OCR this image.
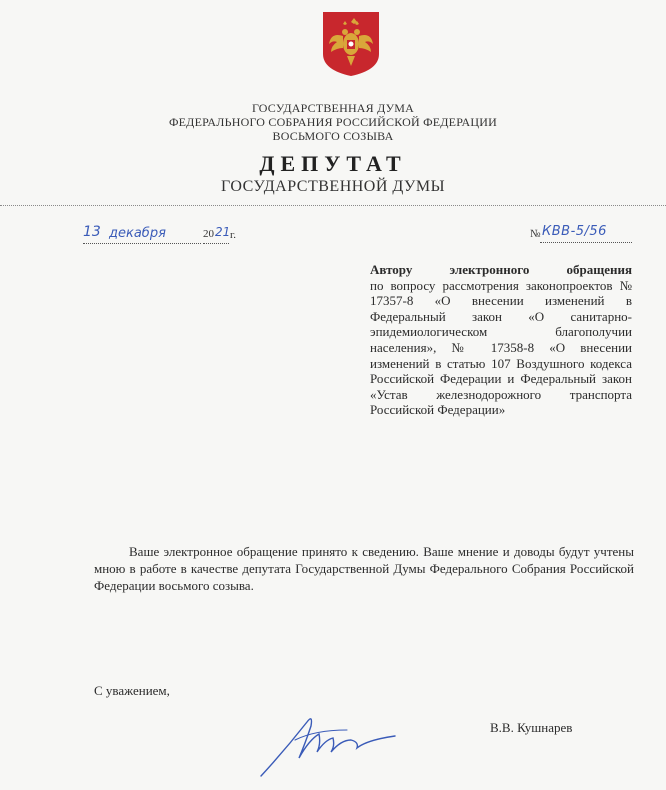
ГОСУДАРСТВЕННАЯ ДУМА
ФЕДЕРАЛЬНОГО СОБРАНИЯ РОССИЙСКОЙ ФЕДЕРАЦИИ
ВОСЬМОГО СОЗЫВА
ДЕПУТАТ
ГОСУДАРСТВЕННОЙ ДУМЫ
13 декабря	20 21 г.	№ КВВ-5/56
Автору электронного обращения
по вопросу рассмотрения законопроектов № 17357-8 «О внесении изменений в Федеральный закон «О санитарно-эпидемиологическом благополучии населения», № 17358-8 «О внесении изменений в статью 107 Воздушного кодекса Российской Федерации и Федеральный закон «Устав железнодорожного транспорта Российской Федерации»
Ваше электронное обращение принято к сведению. Ваше мнение и доводы будут учтены мною в работе в качестве депутата Государственной Думы Федерального Собрания Российской Федерации восьмого созыва.
С уважением,
В.В. Кушнарев
